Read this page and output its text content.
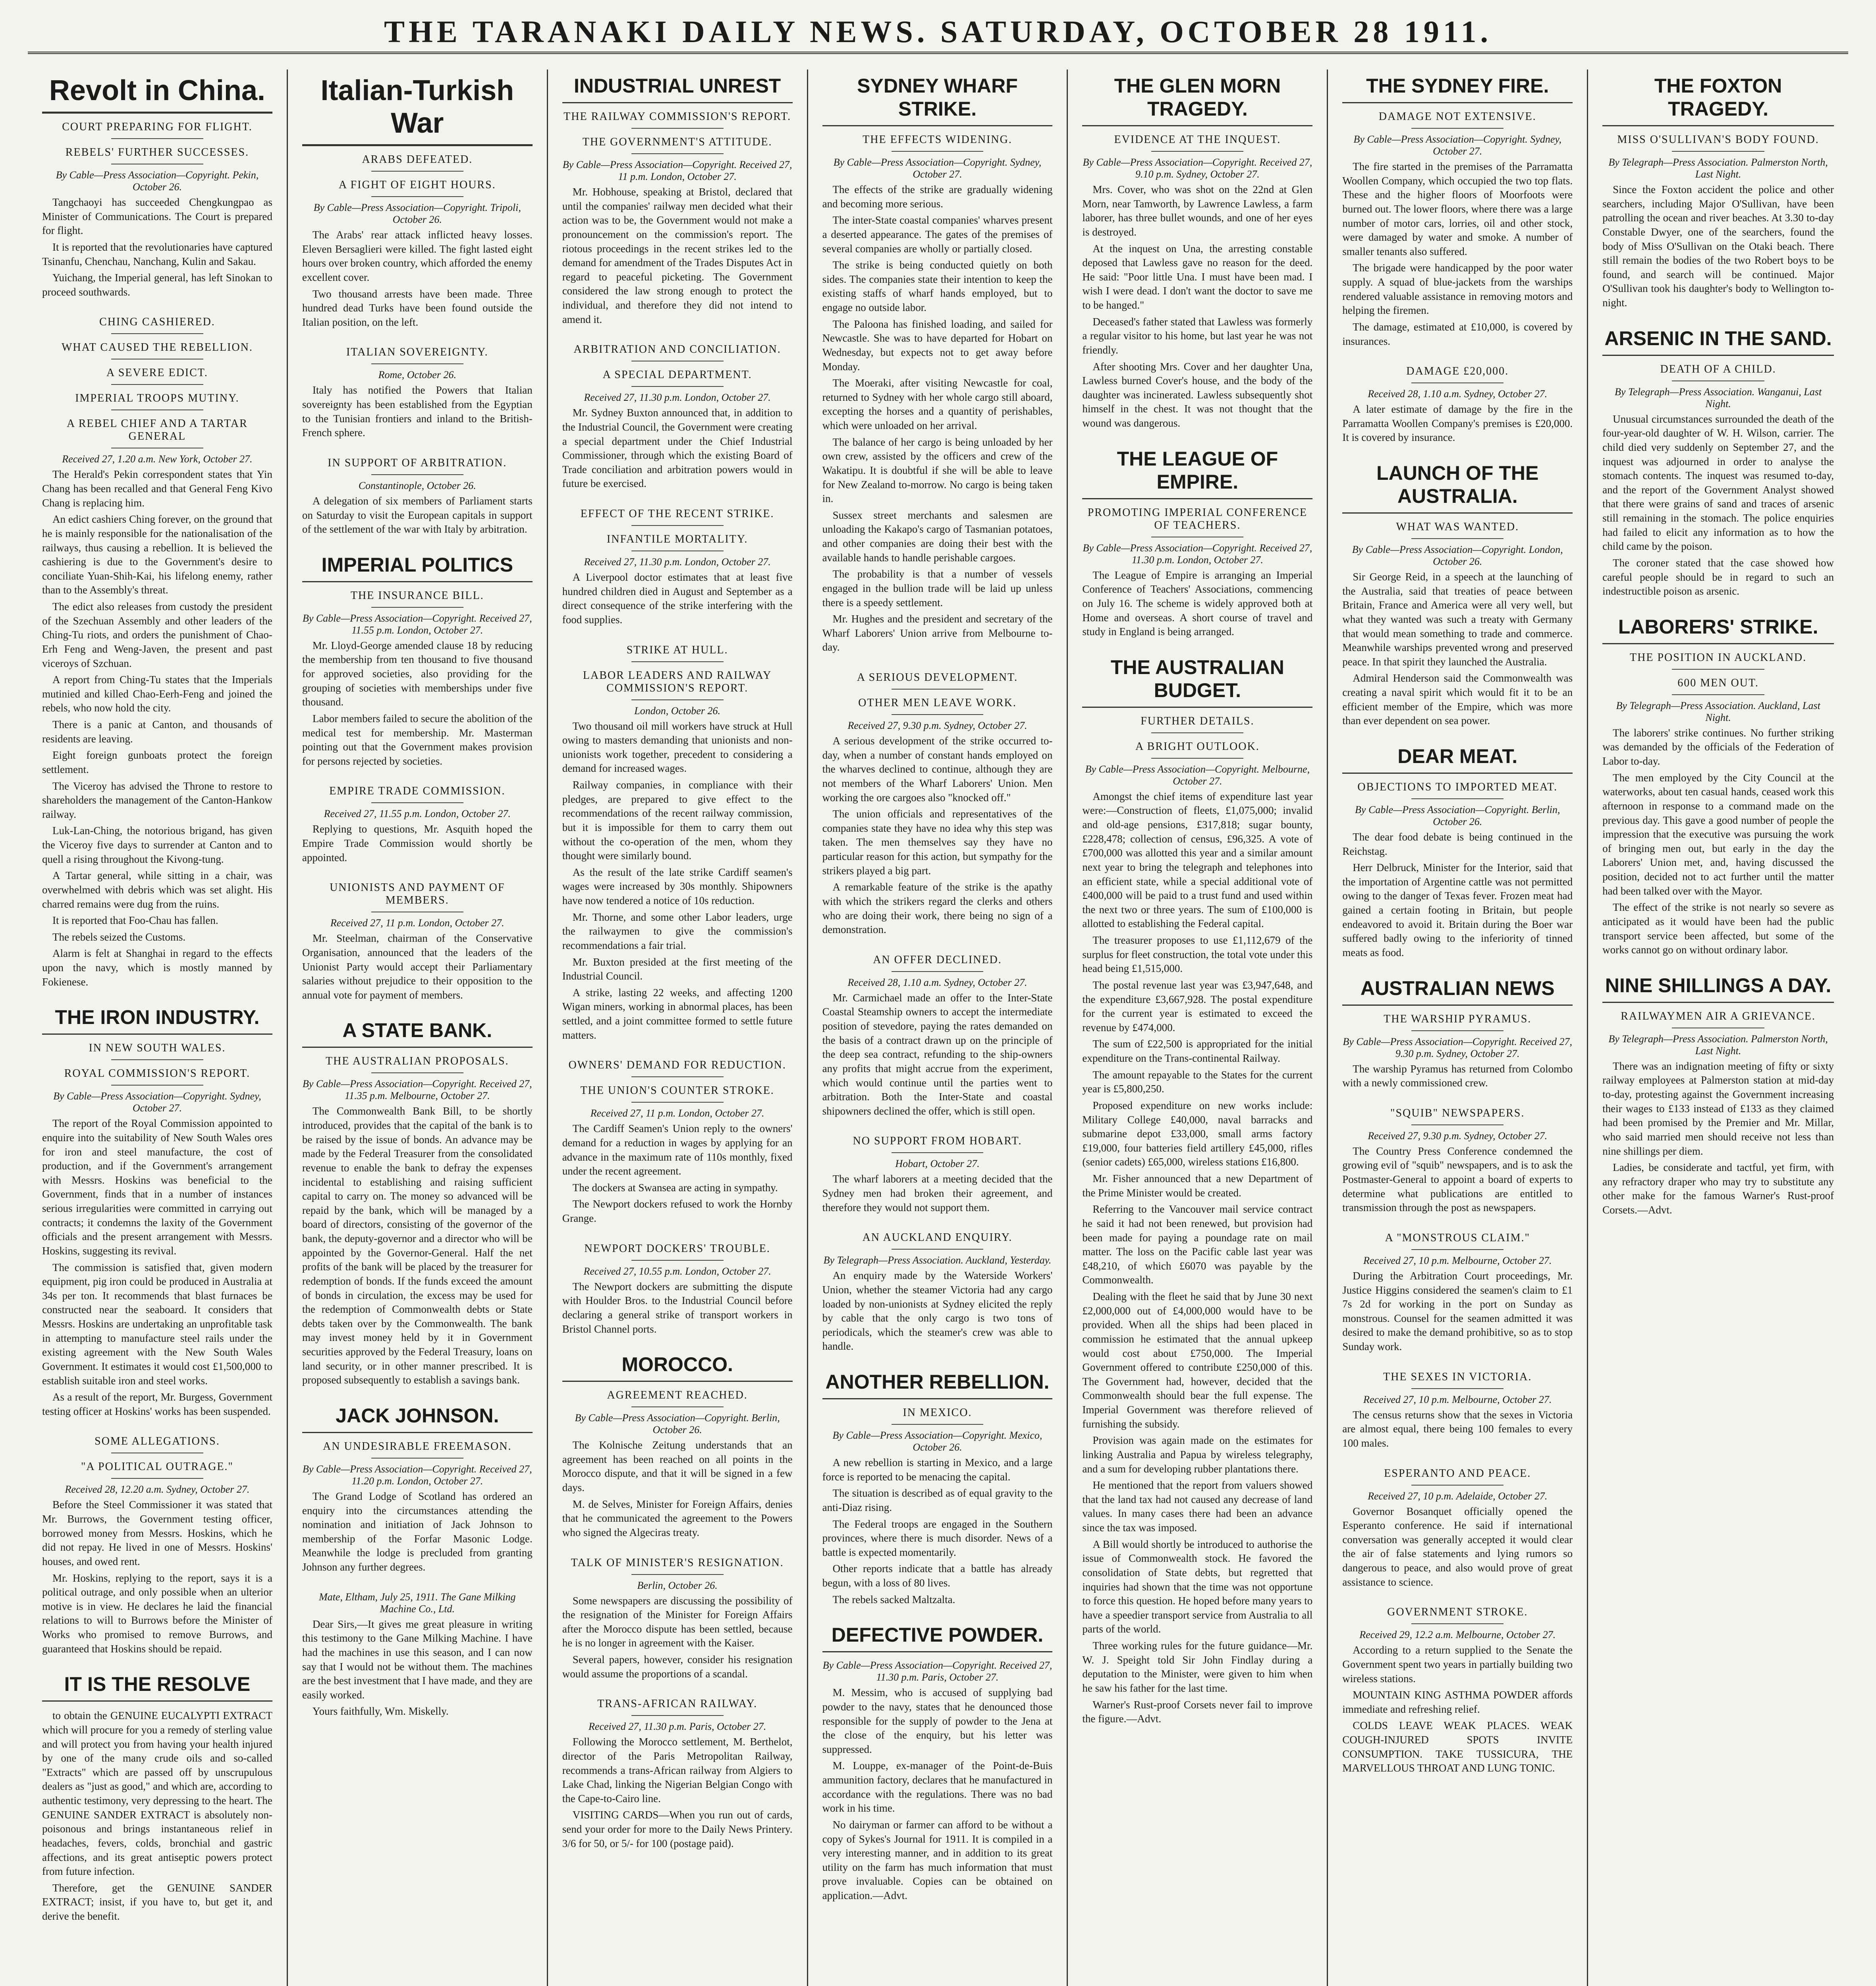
THE TARANAKI DAILY NEWS. SATURDAY, OCTOBER 28 1911.
Revolt in China.
COURT PREPARING FOR FLIGHT.
REBELS' FURTHER SUCCESSES.
By Cable—Press Association—Copyright. Pekin, October 26.

Tangchaoyi has succeeded Chengkungpao as Minister of Communications. The Court is prepared for flight.

It is reported that the revolutionaries have captured Tsinanfu, Chenchau, Nanchang, Kulin and Sakau.

Yuichang, the Imperial general, has left Sinokan to proceed southwards.

CHING CASHIERED.
WHAT CAUSED THE REBELLION.
A SEVERE EDICT.
IMPERIAL TROOPS MUTINY.
A REBEL CHIEF AND A TARTAR GENERAL
Received 27, 1.20 a.m. New York, October 27.

The Herald's Pekin correspondent states that Yin Chang has been recalled and that General Feng Kivo Chang is replacing him.

An edict cashiers Ching forever, on the ground that he is mainly responsible for the nationalisation of the railways, thus causing a rebellion. It is believed the cashiering is due to the Government's desire to conciliate Yuan-Shih-Kai, his lifelong enemy, rather than to the Assembly's threat.

The edict also releases from custody the president of the Szechuan Assembly and other leaders of the Ching-Tu riots, and orders the punishment of Chao-Erh Feng and Weng-Javen, the present and past viceroys of Szchuan.

A report from Ching-Tu states that the Imperials mutinied and killed Chao-Eerh-Feng and joined the rebels, who now hold the city.

There is a panic at Canton, and thousands of residents are leaving.

Eight foreign gunboats protect the foreign settlement.

The Viceroy has advised the Throne to restore to shareholders the management of the Canton-Hankow railway.

Luk-Lan-Ching, the notorious brigand, has given the Viceroy five days to surrender at Canton and to quell a rising throughout the Kivong-tung.

A Tartar general, while sitting in a chair, was overwhelmed with debris which was set alight. His charred remains were dug from the ruins.

It is reported that Foo-Chau has fallen.

The rebels seized the Customs.

Alarm is felt at Shanghai in regard to the effects upon the navy, which is mostly manned by Fokienese.

THE IRON INDUSTRY.
IN NEW SOUTH WALES.
ROYAL COMMISSION'S REPORT.
By Cable—Press Association—Copyright. Sydney, October 27.

The report of the Royal Commission appointed to enquire into the suitability of New South Wales ores for iron and steel manufacture, the cost of production, and if the Government's arrangement with Messrs. Hoskins was beneficial to the Government, finds that in a number of instances serious irregularities were committed in carrying out contracts; it condemns the laxity of the Government officials and the present arrangement with Messrs. Hoskins, suggesting its revival.

The commission is satisfied that, given modern equipment, pig iron could be produced in Australia at 34s per ton. It recommends that blast furnaces be constructed near the seaboard. It considers that Messrs. Hoskins are undertaking an unprofitable task in attempting to manufacture steel rails under the existing agreement with the New South Wales Government. It estimates it would cost £1,500,000 to establish suitable iron and steel works.

As a result of the report, Mr. Burgess, Government testing officer at Hoskins' works has been suspended.

SOME ALLEGATIONS.
"A POLITICAL OUTRAGE."
Received 28, 12.20 a.m. Sydney, October 27.

Before the Steel Commissioner it was stated that Mr. Burrows, the Government testing officer, borrowed money from Messrs. Hoskins, which he did not repay. He lived in one of Messrs. Hoskins' houses, and owed rent.

Mr. Hoskins, replying to the report, says it is a political outrage, and only possible when an ulterior motive is in view. He declares he laid the financial relations to will to Burrows before the Minister of Works who promised to remove Burrows, and guaranteed that Hoskins should be repaid.

IT IS THE RESOLVE

to obtain the GENUINE EUCALYPTI EXTRACT which will procure for you a remedy of sterling value and will protect you from having your health injured by one of the many crude oils and so-called "Extracts" which are passed off by unscrupulous dealers as "just as good," and which are, according to authentic testimony, very depressing to the heart. The GENUINE SANDER EXTRACT is absolutely non-poisonous and brings instantaneous relief in headaches, fevers, colds, bronchial and gastric affections, and its great antiseptic powers protect from future infection.

Therefore, get the GENUINE SANDER EXTRACT; insist, if you have to, but get it, and derive the benefit.

Italian-Turkish War
ARABS DEFEATED.
A FIGHT OF EIGHT HOURS.
By Cable—Press Association—Copyright. Tripoli, October 26.

The Arabs' rear attack inflicted heavy losses. Eleven Bersaglieri were killed. The fight lasted eight hours over broken country, which afforded the enemy excellent cover.

Two thousand arrests have been made. Three hundred dead Turks have been found outside the Italian position, on the left.

ITALIAN SOVEREIGNTY.
Rome, October 26.

Italy has notified the Powers that Italian sovereignty has been established from the Egyptian to the Tunisian frontiers and inland to the British-French sphere.

IN SUPPORT OF ARBITRATION.
Constantinople, October 26.

A delegation of six members of Parliament starts on Saturday to visit the European capitals in support of the settlement of the war with Italy by arbitration.

IMPERIAL POLITICS
THE INSURANCE BILL.
By Cable—Press Association—Copyright. Received 27, 11.55 p.m. London, October 27.

Mr. Lloyd-George amended clause 18 by reducing the membership from ten thousand to five thousand for approved societies, also providing for the grouping of societies with memberships under five thousand.

Labor members failed to secure the abolition of the medical test for membership. Mr. Masterman pointing out that the Government makes provision for persons rejected by societies.

EMPIRE TRADE COMMISSION.
Received 27, 11.55 p.m. London, October 27.

Replying to questions, Mr. Asquith hoped the Empire Trade Commission would shortly be appointed.

UNIONISTS AND PAYMENT OF MEMBERS.
Received 27, 11 p.m. London, October 27.

Mr. Steelman, chairman of the Conservative Organisation, announced that the leaders of the Unionist Party would accept their Parliamentary salaries without prejudice to their opposition to the annual vote for payment of members.

A STATE BANK.
THE AUSTRALIAN PROPOSALS.
By Cable—Press Association—Copyright. Received 27, 11.35 p.m. Melbourne, October 27.

The Commonwealth Bank Bill, to be shortly introduced, provides that the capital of the bank is to be raised by the issue of bonds. An advance may be made by the Federal Treasurer from the consolidated revenue to enable the bank to defray the expenses incidental to establishing and raising sufficient capital to carry on. The money so advanced will be repaid by the bank, which will be managed by a board of directors, consisting of the governor of the bank, the deputy-governor and a director who will be appointed by the Governor-General. Half the net profits of the bank will be placed by the treasurer for redemption of bonds. If the funds exceed the amount of bonds in circulation, the excess may be used for the redemption of Commonwealth debts or State debts taken over by the Commonwealth. The bank may invest money held by it in Government securities approved by the Federal Treasury, loans on land security, or in other manner prescribed. It is proposed subsequently to establish a savings bank.

JACK JOHNSON.
AN UNDESIRABLE FREEMASON.
By Cable—Press Association—Copyright. Received 27, 11.20 p.m. London, October 27.

The Grand Lodge of Scotland has ordered an enquiry into the circumstances attending the nomination and initiation of Jack Johnson to membership of the Forfar Masonic Lodge. Meanwhile the lodge is precluded from granting Johnson any further degrees.

Mate, Eltham, July 25, 1911. The Gane Milking Machine Co., Ltd.

Dear Sirs,—It gives me great pleasure in writing this testimony to the Gane Milking Machine. I have had the machines in use this season, and I can now say that I would not be without them. The machines are the best investment that I have made, and they are easily worked.

Yours faithfully, Wm. Miskelly.

INDUSTRIAL UNREST
THE RAILWAY COMMISSION'S REPORT.
THE GOVERNMENT'S ATTITUDE.
By Cable—Press Association—Copyright. Received 27, 11 p.m. London, October 27.

Mr. Hobhouse, speaking at Bristol, declared that until the companies' railway men decided what their action was to be, the Government would not make a pronouncement on the commission's report. The riotous proceedings in the recent strikes led to the demand for amendment of the Trades Disputes Act in regard to peaceful picketing. The Government considered the law strong enough to protect the individual, and therefore they did not intend to amend it.

ARBITRATION AND CONCILIATION.
A SPECIAL DEPARTMENT.
Received 27, 11.30 p.m. London, October 27.

Mr. Sydney Buxton announced that, in addition to the Industrial Council, the Government were creating a special department under the Chief Industrial Commissioner, through which the existing Board of Trade conciliation and arbitration powers would in future be exercised.

EFFECT OF THE RECENT STRIKE.
INFANTILE MORTALITY.
Received 27, 11.30 p.m. London, October 27.

A Liverpool doctor estimates that at least five hundred children died in August and September as a direct consequence of the strike interfering with the food supplies.

STRIKE AT HULL.
LABOR LEADERS AND RAILWAY COMMISSION'S REPORT.
London, October 26.

Two thousand oil mill workers have struck at Hull owing to masters demanding that unionists and non-unionists work together, precedent to considering a demand for increased wages.

Railway companies, in compliance with their pledges, are prepared to give effect to the recommendations of the recent railway commission, but it is impossible for them to carry them out without the co-operation of the men, whom they thought were similarly bound.

As the result of the late strike Cardiff seamen's wages were increased by 30s monthly. Shipowners have now tendered a notice of 10s reduction.

Mr. Thorne, and some other Labor leaders, urge the railwaymen to give the commission's recommendations a fair trial.

Mr. Buxton presided at the first meeting of the Industrial Council.

A strike, lasting 22 weeks, and affecting 1200 Wigan miners, working in abnormal places, has been settled, and a joint committee formed to settle future matters.

OWNERS' DEMAND FOR REDUCTION.
THE UNION'S COUNTER STROKE.
Received 27, 11 p.m. London, October 27.

The Cardiff Seamen's Union reply to the owners' demand for a reduction in wages by applying for an advance in the maximum rate of 110s monthly, fixed under the recent agreement.

The dockers at Swansea are acting in sympathy.

The Newport dockers refused to work the Hornby Grange.

NEWPORT DOCKERS' TROUBLE.
Received 27, 10.55 p.m. London, October 27.

The Newport dockers are submitting the dispute with Houlder Bros. to the Industrial Council before declaring a general strike of transport workers in Bristol Channel ports.

MOROCCO.
AGREEMENT REACHED.
By Cable—Press Association—Copyright. Berlin, October 26.

The Kolnische Zeitung understands that an agreement has been reached on all points in the Morocco dispute, and that it will be signed in a few days.

M. de Selves, Minister for Foreign Affairs, denies that he communicated the agreement to the Powers who signed the Algeciras treaty.

TALK OF MINISTER'S RESIGNATION.
Berlin, October 26.

Some newspapers are discussing the possibility of the resignation of the Minister for Foreign Affairs after the Morocco dispute has been settled, because he is no longer in agreement with the Kaiser.

Several papers, however, consider his resignation would assume the proportions of a scandal.

TRANS-AFRICAN RAILWAY.
Received 27, 11.30 p.m. Paris, October 27.

Following the Morocco settlement, M. Berthelot, director of the Paris Metropolitan Railway, recommends a trans-African railway from Algiers to Lake Chad, linking the Nigerian Belgian Congo with the Cape-to-Cairo line.

VISITING CARDS—When you run out of cards, send your order for more to the Daily News Printery. 3/6 for 50, or 5/- for 100 (postage paid).

SYDNEY WHARF STRIKE.
THE EFFECTS WIDENING.
By Cable—Press Association—Copyright. Sydney, October 27.

The effects of the strike are gradually widening and becoming more serious.

The inter-State coastal companies' wharves present a deserted appearance. The gates of the premises of several companies are wholly or partially closed.

The strike is being conducted quietly on both sides. The companies state their intention to keep the existing staffs of wharf hands employed, but to engage no outside labor.

The Paloona has finished loading, and sailed for Newcastle. She was to have departed for Hobart on Wednesday, but expects not to get away before Monday.

The Moeraki, after visiting Newcastle for coal, returned to Sydney with her whole cargo still aboard, excepting the horses and a quantity of perishables, which were unloaded on her arrival.

The balance of her cargo is being unloaded by her own crew, assisted by the officers and crew of the Wakatipu. It is doubtful if she will be able to leave for New Zealand to-morrow. No cargo is being taken in.

Sussex street merchants and salesmen are unloading the Kakapo's cargo of Tasmanian potatoes, and other companies are doing their best with the available hands to handle perishable cargoes.

The probability is that a number of vessels engaged in the bullion trade will be laid up unless there is a speedy settlement.

Mr. Hughes and the president and secretary of the Wharf Laborers' Union arrive from Melbourne to-day.

A SERIOUS DEVELOPMENT.
OTHER MEN LEAVE WORK.
Received 27, 9.30 p.m. Sydney, October 27.

A serious development of the strike occurred to-day, when a number of constant hands employed on the wharves declined to continue, although they are not members of the Wharf Laborers' Union. Men working the ore cargoes also "knocked off."

The union officials and representatives of the companies state they have no idea why this step was taken. The men themselves say they have no particular reason for this action, but sympathy for the strikers played a big part.

A remarkable feature of the strike is the apathy with which the strikers regard the clerks and others who are doing their work, there being no sign of a demonstration.

AN OFFER DECLINED.
Received 28, 1.10 a.m. Sydney, October 27.

Mr. Carmichael made an offer to the Inter-State Coastal Steamship owners to accept the intermediate position of stevedore, paying the rates demanded on the basis of a contract drawn up on the principle of the deep sea contract, refunding to the ship-owners any profits that might accrue from the experiment, which would continue until the parties went to arbitration. Both the Inter-State and coastal shipowners declined the offer, which is still open.

NO SUPPORT FROM HOBART.
Hobart, October 27.

The wharf laborers at a meeting decided that the Sydney men had broken their agreement, and therefore they would not support them.

AN AUCKLAND ENQUIRY.
By Telegraph—Press Association. Auckland, Yesterday.

An enquiry made by the Waterside Workers' Union, whether the steamer Victoria had any cargo loaded by non-unionists at Sydney elicited the reply by cable that the only cargo is two tons of periodicals, which the steamer's crew was able to handle.

ANOTHER REBELLION.
IN MEXICO.
By Cable—Press Association—Copyright. Mexico, October 26.

A new rebellion is starting in Mexico, and a large force is reported to be menacing the capital.

The situation is described as of equal gravity to the anti-Diaz rising.

The Federal troops are engaged in the Southern provinces, where there is much disorder. News of a battle is expected momentarily.

Other reports indicate that a battle has already begun, with a loss of 80 lives.

The rebels sacked Maltzalta.

DEFECTIVE POWDER.
By Cable—Press Association—Copyright. Received 27, 11.30 p.m. Paris, October 27.

M. Messim, who is accused of supplying bad powder to the navy, states that he denounced those responsible for the supply of powder to the Jena at the close of the enquiry, but his letter was suppressed.

M. Louppe, ex-manager of the Point-de-Buis ammunition factory, declares that he manufactured in accordance with the regulations. There was no bad work in his time.

No dairyman or farmer can afford to be without a copy of Sykes's Journal for 1911. It is compiled in a very interesting manner, and in addition to its great utility on the farm has much information that must prove invaluable. Copies can be obtained on application.—Advt.

THE GLEN MORN TRAGEDY.
EVIDENCE AT THE INQUEST.
By Cable—Press Association—Copyright. Received 27, 9.10 p.m. Sydney, October 27.

Mrs. Cover, who was shot on the 22nd at Glen Morn, near Tamworth, by Lawrence Lawless, a farm laborer, has three bullet wounds, and one of her eyes is destroyed.

At the inquest on Una, the arresting constable deposed that Lawless gave no reason for the deed. He said: "Poor little Una. I must have been mad. I wish I were dead. I don't want the doctor to save me to be hanged."

Deceased's father stated that Lawless was formerly a regular visitor to his home, but last year he was not friendly.

After shooting Mrs. Cover and her daughter Una, Lawless burned Cover's house, and the body of the daughter was incinerated. Lawless subsequently shot himself in the chest. It was not thought that the wound was dangerous.

THE LEAGUE OF EMPIRE.
PROMOTING IMPERIAL CONFERENCE OF TEACHERS.
By Cable—Press Association—Copyright. Received 27, 11.30 p.m. London, October 27.

The League of Empire is arranging an Imperial Conference of Teachers' Associations, commencing on July 16. The scheme is widely approved both at Home and overseas. A short course of travel and study in England is being arranged.

THE AUSTRALIAN BUDGET.
FURTHER DETAILS.
A BRIGHT OUTLOOK.
By Cable—Press Association—Copyright. Melbourne, October 27.

Amongst the chief items of expenditure last year were:—Construction of fleets, £1,075,000; invalid and old-age pensions, £317,818; sugar bounty, £228,478; collection of census, £96,325. A vote of £700,000 was allotted this year and a similar amount next year to bring the telegraph and telephones into an efficient state, while a special additional vote of £400,000 will be paid to a trust fund and used within the next two or three years. The sum of £100,000 is allotted to establishing the Federal capital.

The treasurer proposes to use £1,112,679 of the surplus for fleet construction, the total vote under this head being £1,515,000.

The postal revenue last year was £3,947,648, and the expenditure £3,667,928. The postal expenditure for the current year is estimated to exceed the revenue by £474,000.

The sum of £22,500 is appropriated for the initial expenditure on the Trans-continental Railway.

The amount repayable to the States for the current year is £5,800,250.

Proposed expenditure on new works include: Military College £40,000, naval barracks and submarine depot £33,000, small arms factory £19,000, four batteries field artillery £45,000, rifles (senior cadets) £65,000, wireless stations £16,800.

Mr. Fisher announced that a new Department of the Prime Minister would be created.

Referring to the Vancouver mail service contract he said it had not been renewed, but provision had been made for paying a poundage rate on mail matter. The loss on the Pacific cable last year was £48,210, of which £6070 was payable by the Commonwealth.

Dealing with the fleet he said that by June 30 next £2,000,000 out of £4,000,000 would have to be provided. When all the ships had been placed in commission he estimated that the annual upkeep would cost about £750,000. The Imperial Government offered to contribute £250,000 of this. The Government had, however, decided that the Commonwealth should bear the full expense. The Imperial Government was therefore relieved of furnishing the subsidy.

Provision was again made on the estimates for linking Australia and Papua by wireless telegraphy, and a sum for developing rubber plantations there.

He mentioned that the report from valuers showed that the land tax had not caused any decrease of land values. In many cases there had been an advance since the tax was imposed.

A Bill would shortly be introduced to authorise the issue of Commonwealth stock. He favored the consolidation of State debts, but regretted that inquiries had shown that the time was not opportune to force this question. He hoped before many years to have a speedier transport service from Australia to all parts of the world.

Three working rules for the future guidance—Mr. W. J. Speight told Sir John Findlay during a deputation to the Minister, were given to him when he saw his father for the last time.

Warner's Rust-proof Corsets never fail to improve the figure.—Advt.

THE SYDNEY FIRE.
DAMAGE NOT EXTENSIVE.
By Cable—Press Association—Copyright. Sydney, October 27.

The fire started in the premises of the Parramatta Woollen Company, which occupied the two top flats. These and the higher floors of Moorfoots were burned out. The lower floors, where there was a large number of motor cars, lorries, oil and other stock, were damaged by water and smoke. A number of smaller tenants also suffered.

The brigade were handicapped by the poor water supply. A squad of blue-jackets from the warships rendered valuable assistance in removing motors and helping the firemen.

The damage, estimated at £10,000, is covered by insurances.

DAMAGE £20,000.
Received 28, 1.10 a.m. Sydney, October 27.

A later estimate of damage by the fire in the Parramatta Woollen Company's premises is £20,000. It is covered by insurance.

LAUNCH OF THE AUSTRALIA.
WHAT WAS WANTED.
By Cable—Press Association—Copyright. London, October 26.

Sir George Reid, in a speech at the launching of the Australia, said that treaties of peace between Britain, France and America were all very well, but what they wanted was such a treaty with Germany that would mean something to trade and commerce. Meanwhile warships prevented wrong and preserved peace. In that spirit they launched the Australia.

Admiral Henderson said the Commonwealth was creating a naval spirit which would fit it to be an efficient member of the Empire, which was more than ever dependent on sea power.

DEAR MEAT.
OBJECTIONS TO IMPORTED MEAT.
By Cable—Press Association—Copyright. Berlin, October 26.

The dear food debate is being continued in the Reichstag.

Herr Delbruck, Minister for the Interior, said that the importation of Argentine cattle was not permitted owing to the danger of Texas fever. Frozen meat had gained a certain footing in Britain, but people endeavored to avoid it. Britain during the Boer war suffered badly owing to the inferiority of tinned meats as food.

AUSTRALIAN NEWS
THE WARSHIP PYRAMUS.
By Cable—Press Association—Copyright. Received 27, 9.30 p.m. Sydney, October 27.

The warship Pyramus has returned from Colombo with a newly commissioned crew.

"SQUIB" NEWSPAPERS.
Received 27, 9.30 p.m. Sydney, October 27.

The Country Press Conference condemned the growing evil of "squib" newspapers, and is to ask the Postmaster-General to appoint a board of experts to determine what publications are entitled to transmission through the post as newspapers.

A "MONSTROUS CLAIM."
Received 27, 10 p.m. Melbourne, October 27.

During the Arbitration Court proceedings, Mr. Justice Higgins considered the seamen's claim to £1 7s 2d for working in the port on Sunday as monstrous. Counsel for the seamen admitted it was desired to make the demand prohibitive, so as to stop Sunday work.

THE SEXES IN VICTORIA.
Received 27, 10 p.m. Melbourne, October 27.

The census returns show that the sexes in Victoria are almost equal, there being 100 females to every 100 males.

ESPERANTO AND PEACE.
Received 27, 10 p.m. Adelaide, October 27.

Governor Bosanquet officially opened the Esperanto conference. He said if international conversation was generally accepted it would clear the air of false statements and lying rumors so dangerous to peace, and also would prove of great assistance to science.

GOVERNMENT STROKE.
Received 29, 12.2 a.m. Melbourne, October 27.

According to a return supplied to the Senate the Government spent two years in partially building two wireless stations.

MOUNTAIN KING ASTHMA POWDER affords immediate and refreshing relief.

COLDS LEAVE WEAK PLACES. WEAK COUGH-INJURED SPOTS INVITE CONSUMPTION. TAKE TUSSICURA, THE MARVELLOUS THROAT AND LUNG TONIC.

THE FOXTON TRAGEDY.
MISS O'SULLIVAN'S BODY FOUND.
By Telegraph—Press Association. Palmerston North, Last Night.

Since the Foxton accident the police and other searchers, including Major O'Sullivan, have been patrolling the ocean and river beaches. At 3.30 to-day Constable Dwyer, one of the searchers, found the body of Miss O'Sullivan on the Otaki beach. There still remain the bodies of the two Robert boys to be found, and search will be continued. Major O'Sullivan took his daughter's body to Wellington to-night.

ARSENIC IN THE SAND.
DEATH OF A CHILD.
By Telegraph—Press Association. Wanganui, Last Night.

Unusual circumstances surrounded the death of the four-year-old daughter of W. H. Wilson, carrier. The child died very suddenly on September 27, and the inquest was adjourned in order to analyse the stomach contents. The inquest was resumed to-day, and the report of the Government Analyst showed that there were grains of sand and traces of arsenic still remaining in the stomach. The police enquiries had failed to elicit any information as to how the child came by the poison.

The coroner stated that the case showed how careful people should be in regard to such an indestructible poison as arsenic.

LABORERS' STRIKE.
THE POSITION IN AUCKLAND.
600 MEN OUT.
By Telegraph—Press Association. Auckland, Last Night.

The laborers' strike continues. No further striking was demanded by the officials of the Federation of Labor to-day.

The men employed by the City Council at the waterworks, about ten casual hands, ceased work this afternoon in response to a command made on the previous day. This gave a good number of people the impression that the executive was pursuing the work of bringing men out, but early in the day the Laborers' Union met, and, having discussed the position, decided not to act further until the matter had been talked over with the Mayor.

The effect of the strike is not nearly so severe as anticipated as it would have been had the public transport service been affected, but some of the works cannot go on without ordinary labor.

NINE SHILLINGS A DAY.
RAILWAYMEN AIR A GRIEVANCE.
By Telegraph—Press Association. Palmerston North, Last Night.

There was an indignation meeting of fifty or sixty railway employees at Palmerston station at mid-day to-day, protesting against the Government increasing their wages to £133 instead of £133 as they claimed had been promised by the Premier and Mr. Millar, who said married men should receive not less than nine shillings per diem.

Ladies, be considerate and tactful, yet firm, with any refractory draper who may try to substitute any other make for the famous Warner's Rust-proof Corsets.—Advt.
